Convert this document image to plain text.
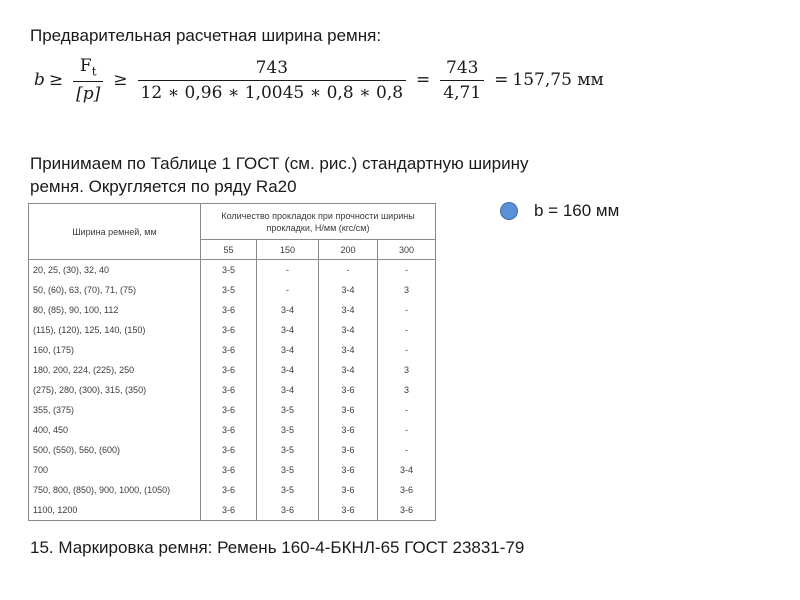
Предварительная расчетная ширина ремня:
$b \ge \frac{F_t}{[p]} \ge \frac{743}{12 ∗ 0,96 ∗ 1,0045 ∗ 0,8 ∗ 0,8} = \frac{743}{4,71} = 157,75$ мм
Принимаем по Таблице 1 ГОСТ (см. рис.) стандартную ширину
ремня. Округляется по ряду Ra20
b = 160 мм
Ширина ремней, мм	Количество прокладок при прочности ширины прокладки, Н/мм (кгс/см)			
	55	150	200	300
20, 25, (30), 32, 40	3-5	-	-	-
50, (60), 63, (70), 71, (75)	3-5	-	3-4	3
80, (85), 90, 100, 112	3-6	3-4	3-4	-
(115), (120), 125, 140, (150)	3-6	3-4	3-4	-
160, (175)	3-6	3-4	3-4	-
180, 200, 224, (225), 250	3-6	3-4	3-4	3
(275), 280, (300), 315, (350)	3-6	3-4	3-6	3
355, (375)	3-6	3-5	3-6	-
400, 450	3-6	3-5	3-6	-
500, (550), 560, (600)	3-6	3-5	3-6	-
700	3-6	3-5	3-6	3-4
750, 800, (850), 900, 1000, (1050)	3-6	3-5	3-6	3-6
1100, 1200	3-6	3-6	3-6	3-6
15. Маркировка ремня: Ремень 160-4-БКНЛ-65 ГОСТ 23831-79
